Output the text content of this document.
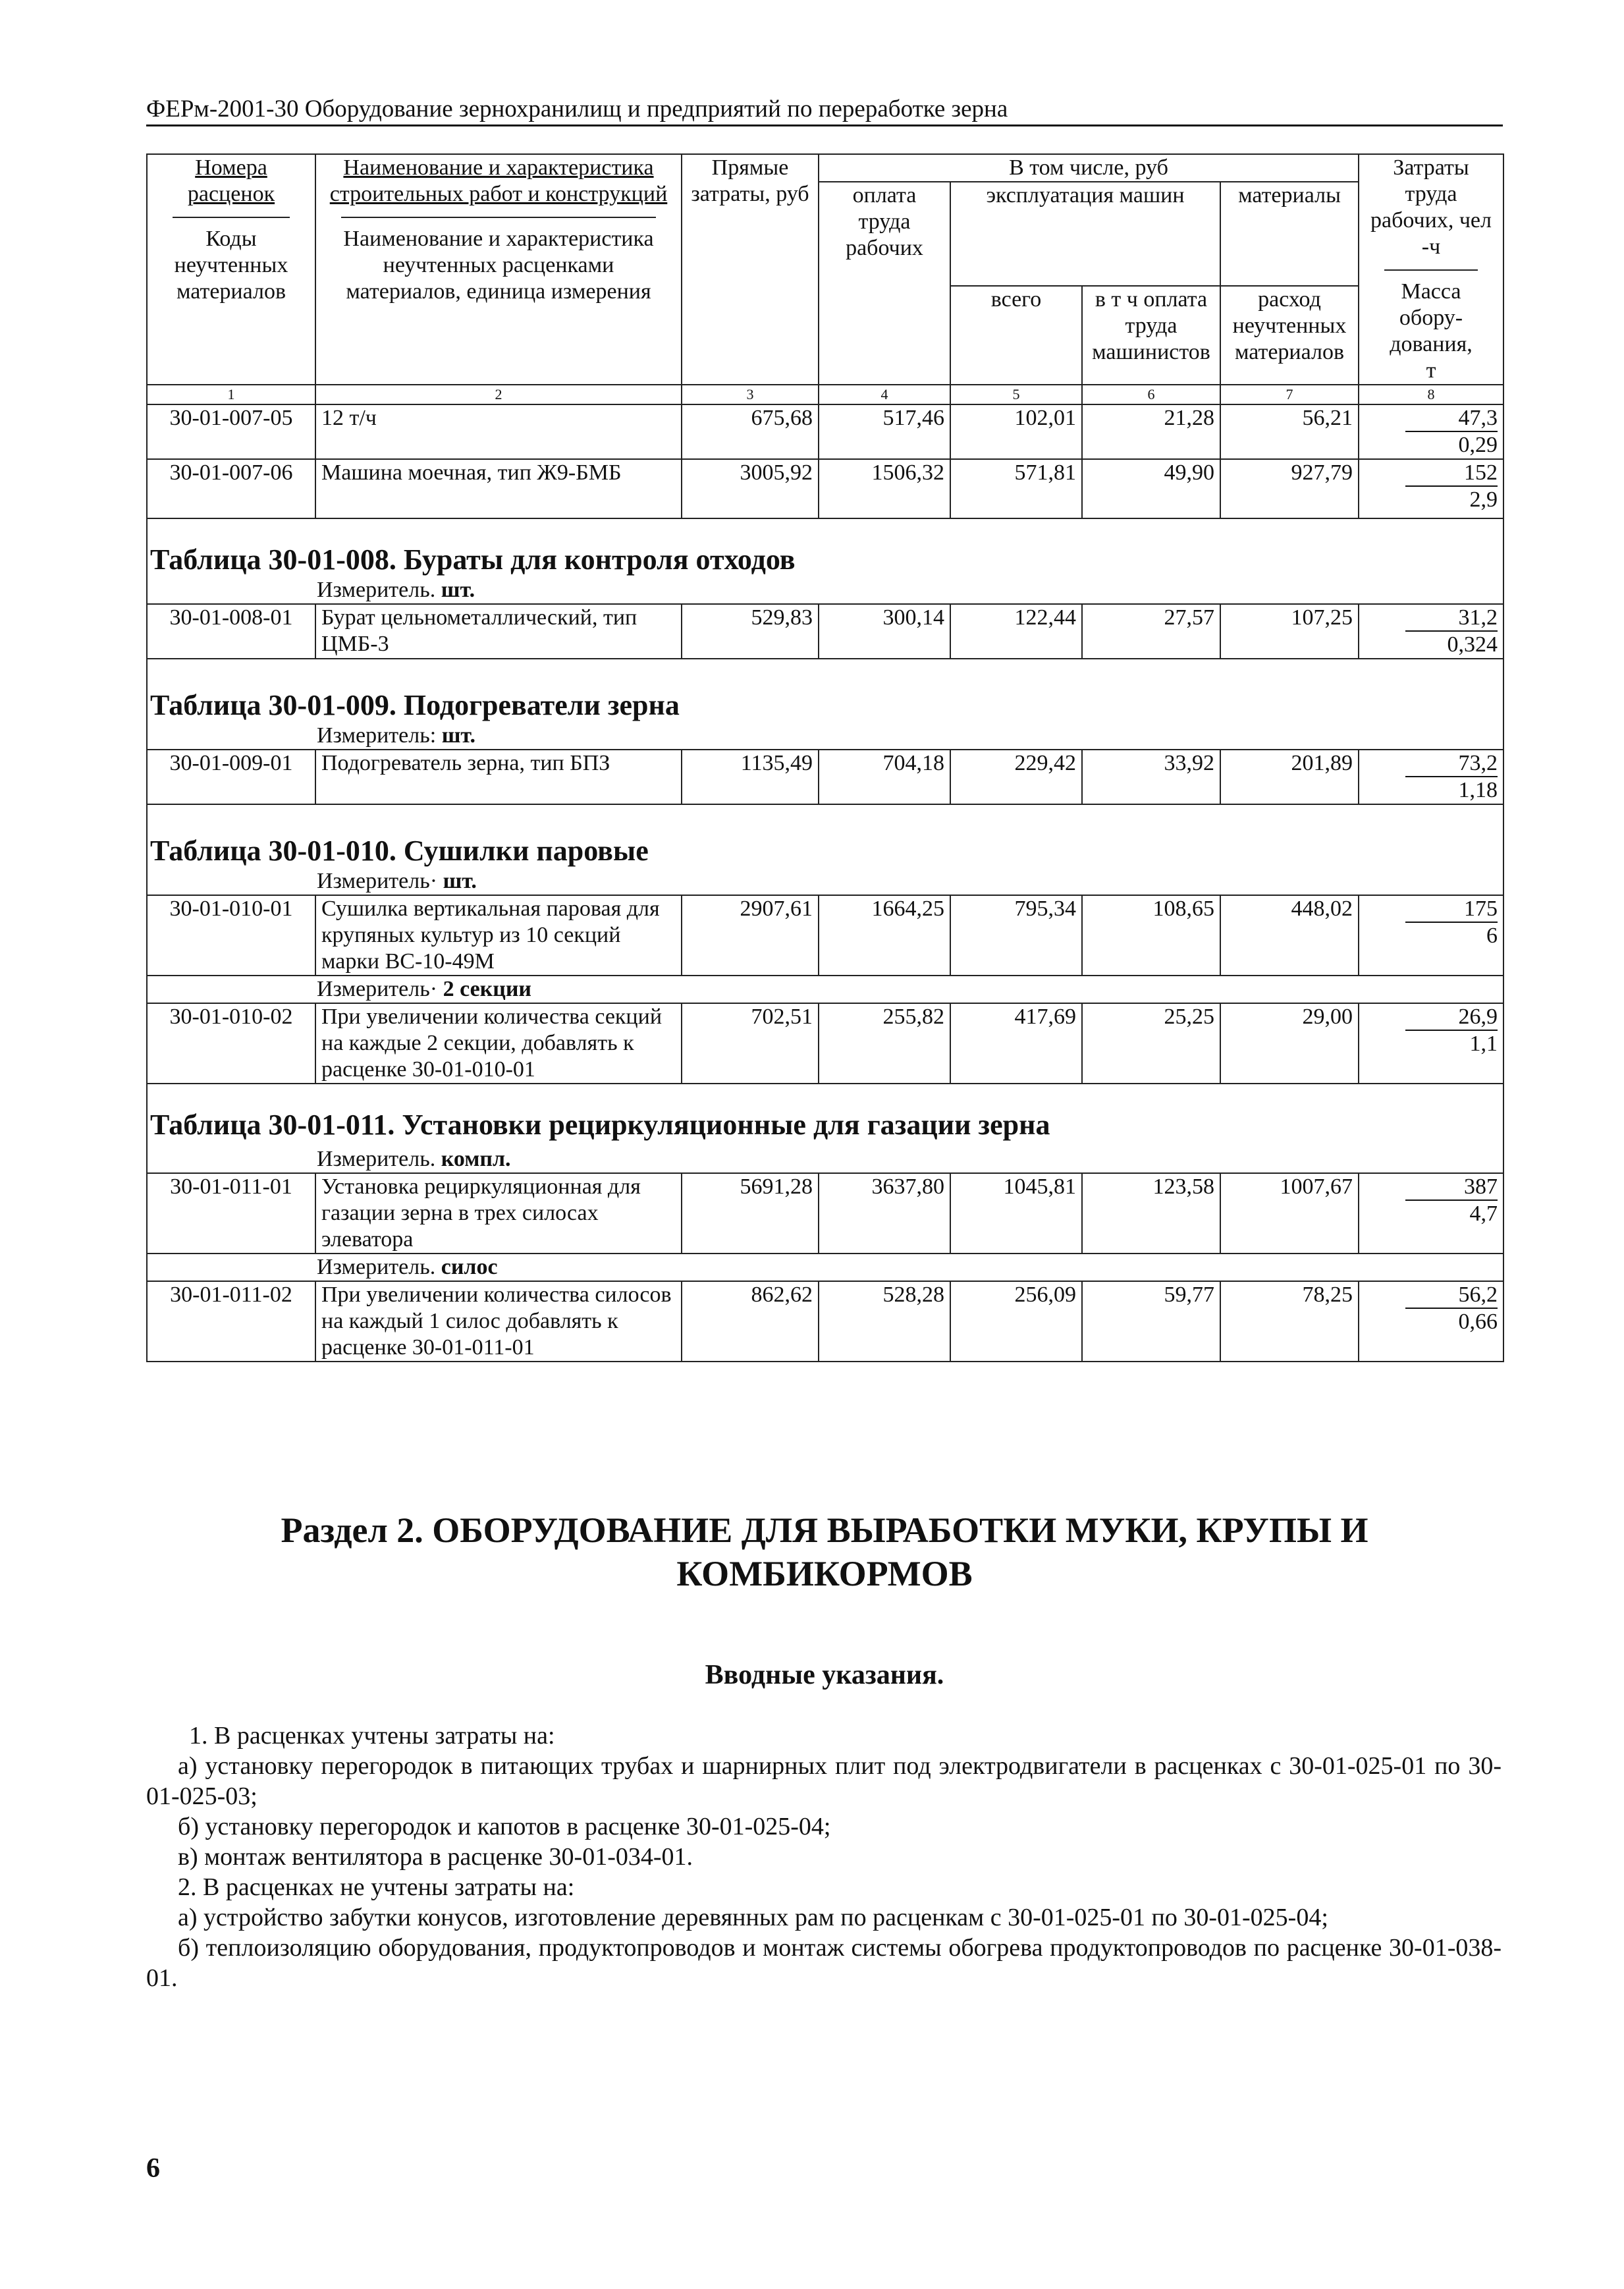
ФЕРм-2001-30 Оборудование зернохранилищ и предприятий по переработке зерна
Номера расценок
Коды неучтенных материалов	Наименование и характеристика строительных работ и конструкций
Наименование и характеристика неучтенных расценками материалов, единица измерения	Прямые затраты, руб	В том числе, руб				Затраты труда рабочих, чел -ч
Масса обору- дования, т

			оплата труда рабочих	эксплуатация машин		материалы	
				всего	в т ч оплата труда машинистов	расход неучтенных материалов	
1	2	3	4	5	6	7	8
30-01-007-05	12 т/ч	675,68	517,46	102,01	21,28	56,21	47,3
0,29

30-01-007-06	Машина моечная, тип Ж9-БМБ	3005,92	1506,32	571,81	49,90	927,79	152
2,9

Таблица 30-01-008. Бураты для контроля отходов							
	Измеритель. шт.						
30-01-008-01	Бурат цельнометаллический, тип ЦМБ-3	529,83	300,14	122,44	27,57	107,25	31,2
0,324

Таблица 30-01-009. Подогреватели зерна							
	Измеритель: шт.						
30-01-009-01	Подогреватель зерна, тип БПЗ	1135,49	704,18	229,42	33,92	201,89	73,2
1,18

Таблица 30-01-010. Сушилки паровые							
	Измеритель· шт.						
30-01-010-01	Сушилка вертикальная паровая для крупяных культур из 10 секций марки ВС-10-49М	2907,61	1664,25	795,34	108,65	448,02	175
6

	Измеритель· 2 секции						
30-01-010-02	При увеличении количества секций на каждые 2 секции, добавлять к расценке 30-01-010-01	702,51	255,82	417,69	25,25	29,00	26,9
1,1

Таблица 30-01-011. Установки рециркуляционные для газации зерна							
	Измеритель. компл.						
30-01-011-01	Установка рециркуляционная для газации зерна в трех силосах элеватора	5691,28	3637,80	1045,81	123,58	1007,67	387
4,7

	Измеритель. силос						
30-01-011-02	При увеличении количества силосов на каждый 1 силос добавлять к расценке 30-01-011-01	862,62	528,28	256,09	59,77	78,25	56,2
0,66
Раздел 2. ОБОРУДОВАНИЕ ДЛЯ ВЫРАБОТКИ МУКИ, КРУПЫ И
КОМБИКОРМОВ
Вводные указания.

1. В расценках учтены затраты на:

а) установку перегородок в питающих трубах и шарнирных плит под электродвигатели в расценках с 30-01-025-01 по 30-01-025-03;

б) установку перегородок и капотов в расценке 30-01-025-04;

в) монтаж вентилятора в расценке 30-01-034-01.

2. В расценках не учтены затраты на:

а) устройство забутки конусов, изготовление деревянных рам по расценкам с 30-01-025-01 по 30-01-025-04;

б) теплоизоляцию оборудования, продуктопроводов и монтаж системы обогрева продуктопроводов по расценке 30-01-038-01.

6
